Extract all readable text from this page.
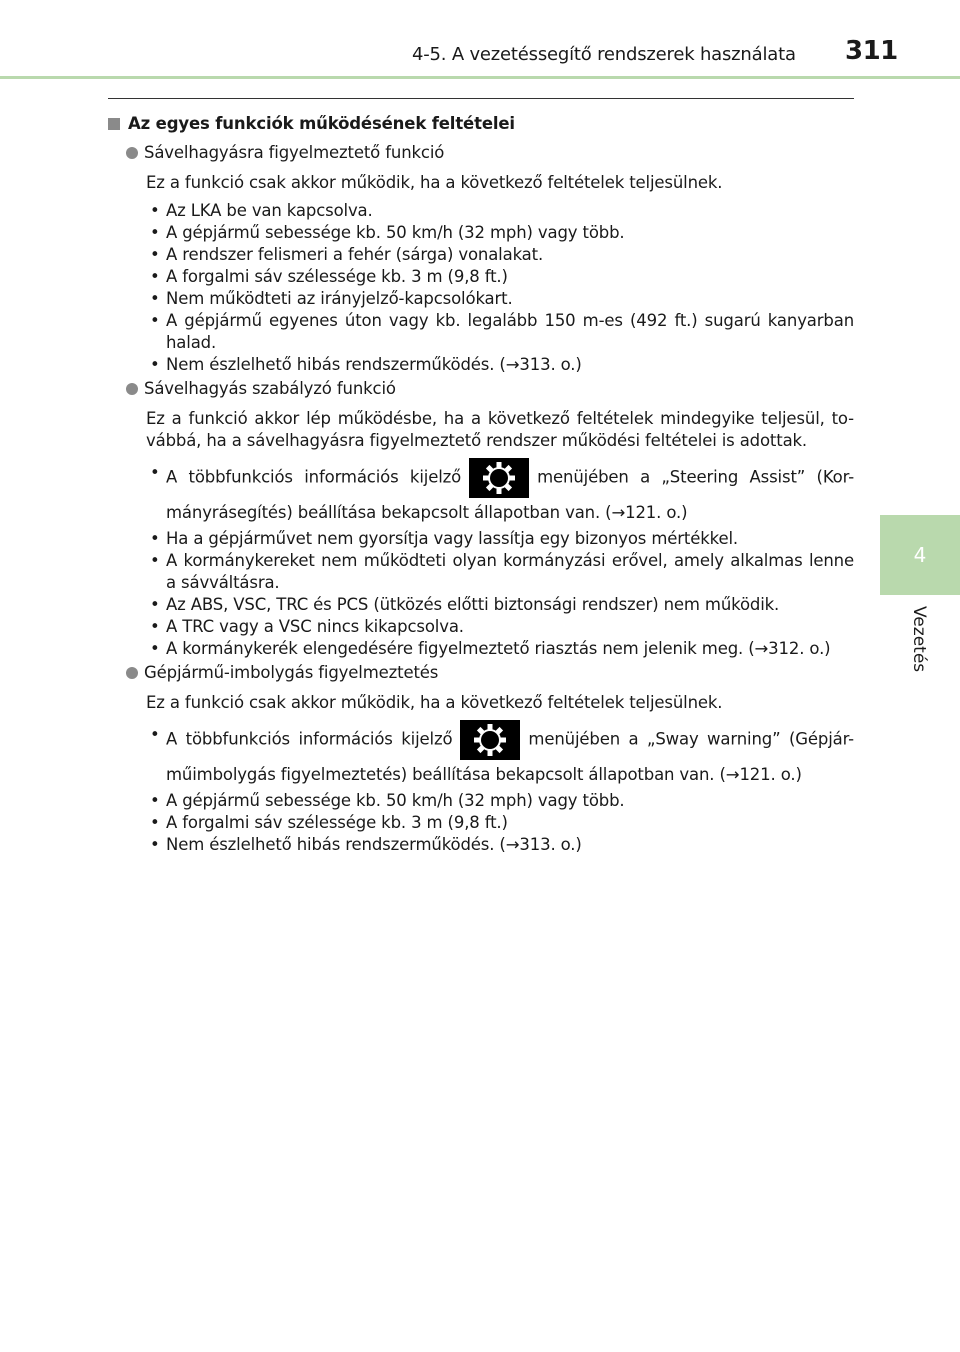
4-5. A vezetéssegítő rendszerek használata 311
4
Vezetés
Az egyes funkciók működésének feltételei
Sávelhagyásra figyelmeztető funkció
Ez a funkció csak akkor működik, ha a következő feltételek teljesülnek.
• Az LKA be van kapcsolva.
• A gépjármű sebessége kb. 50 km/h (32 mph) vagy több.
• A rendszer felismeri a fehér (sárga) vonalakat.
• A forgalmi sáv szélessége kb. 3 m (9,8 ft.)
• Nem működteti az irányjelző-kapcsolókart.
• A gépjármű egyenes úton vagy kb. legalább 150 m-es (492 ft.) sugarú kanyarban halad.
• Nem észlelhető hibás rendszerműködés. (→313. o.)
Sávelhagyás szabályzó funkció
Ez a funkció akkor lép működésbe, ha a következő feltételek mindegyike teljesül, to-vábbá, ha a sávelhagyásra figyelmeztető rendszer működési feltételei is adottak.
• A többfunkciós információs kijelző	menüjében a „Steering Assist” (Kor-mányrásegítés) beállítása bekapcsolt állapotban van. (→121. o.)
• Ha a gépjárművet nem gyorsítja vagy lassítja egy bizonyos mértékkel.
• A kormánykereket nem működteti olyan kormányzási erővel, amely alkalmas lenne a sávváltásra.
• Az ABS, VSC, TRC és PCS (ütközés előtti biztonsági rendszer) nem működik.
• A TRC vagy a VSC nincs kikapcsolva.
• A kormánykerék elengedésére figyelmeztető riasztás nem jelenik meg. (→312. o.)
Gépjármű-imbolygás figyelmeztetés
Ez a funkció csak akkor működik, ha a következő feltételek teljesülnek.
• A többfunkciós információs kijelző	menüjében a „Sway warning” (Gépjár-műimbolygás figyelmeztetés) beállítása bekapcsolt állapotban van. (→121. o.)
• A gépjármű sebessége kb. 50 km/h (32 mph) vagy több.
• A forgalmi sáv szélessége kb. 3 m (9,8 ft.)
• Nem észlelhető hibás rendszerműködés. (→313. o.)
